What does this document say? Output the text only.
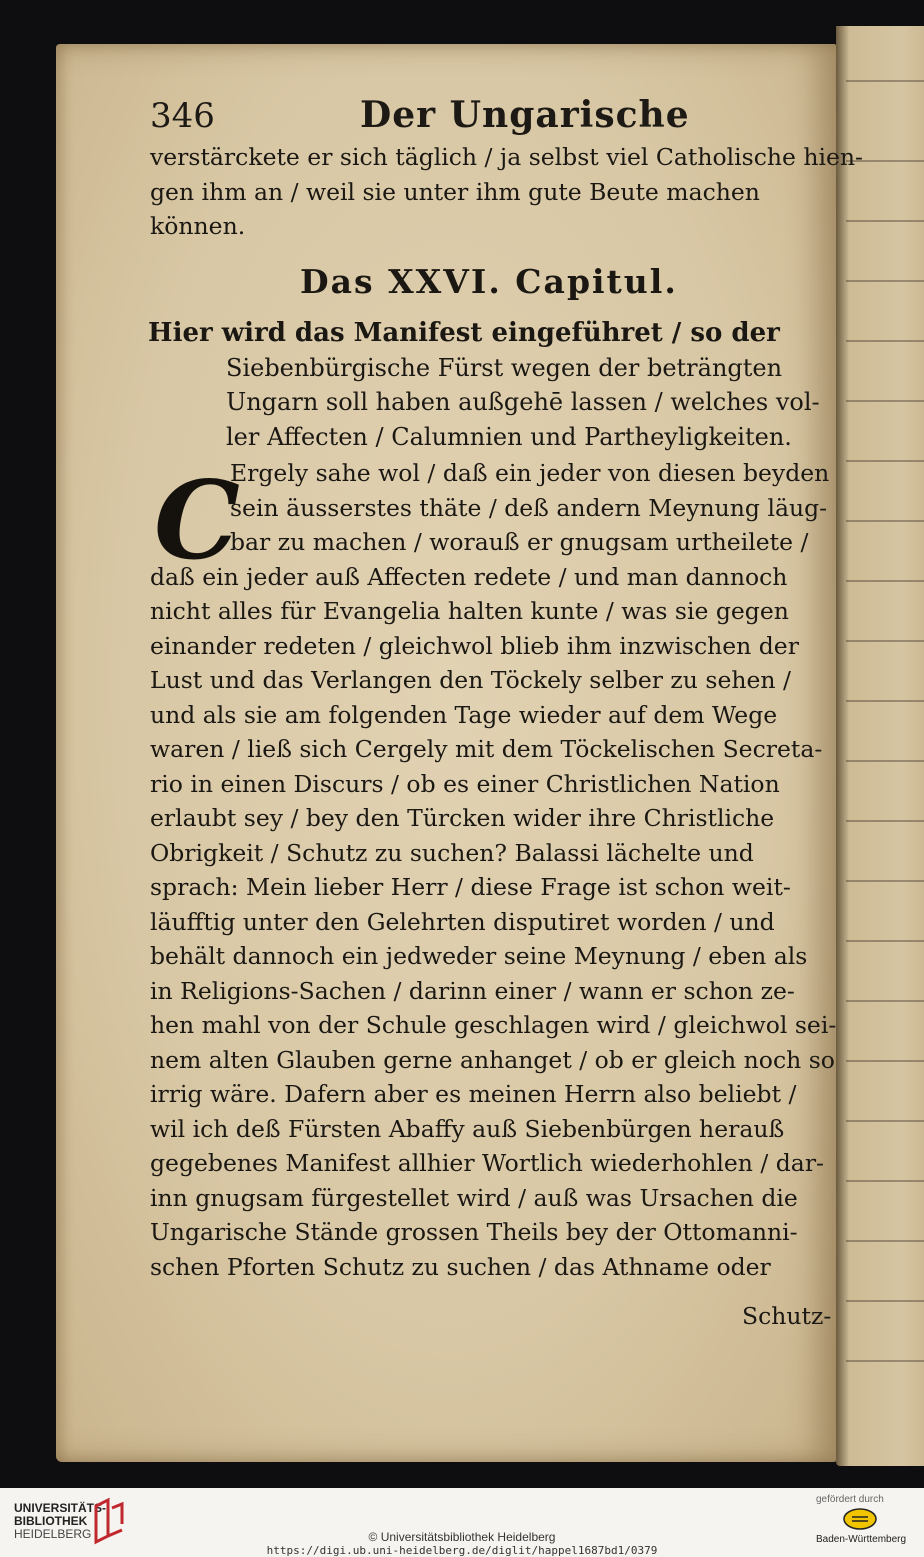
346	Der Ungarische
verstärckete er sich täglich / ja selbst viel Catholische hien-
gen ihm an / weil sie unter ihm gute Beute machen
können.
Das XXVI. Capitul.
Hier wird das Manifest eingeführet / so der
Siebenbürgische Fürst wegen der beträngten
Ungarn soll haben außgehē lassen / welches vol-
ler Affecten / Calumnien und Partheyligkeiten.
C
Ergely sahe wol / daß ein jeder von diesen beyden
sein äusserstes thäte / deß andern Meynung läug-
bar zu machen / worauß er gnugsam urtheilete /
daß ein jeder auß Affecten redete / und man dannoch
nicht alles für Evangelia halten kunte / was sie gegen
einander redeten / gleichwol blieb ihm inzwischen der
Lust und das Verlangen den Töckely selber zu sehen /
und als sie am folgenden Tage wieder auf dem Wege
waren / ließ sich Cergely mit dem Töckelischen Secreta-
rio in einen Discurs / ob es einer Christlichen Nation
erlaubt sey / bey den Türcken wider ihre Christliche
Obrigkeit / Schutz zu suchen? Balassi lächelte und
sprach: Mein lieber Herr / diese Frage ist schon weit-
läufftig unter den Gelehrten disputiret worden / und
behält dannoch ein jedweder seine Meynung / eben als
in Religions-Sachen / darinn einer / wann er schon ze-
hen mahl von der Schule geschlagen wird / gleichwol sei-
nem alten Glauben gerne anhanget / ob er gleich noch so
irrig wäre. Dafern aber es meinen Herrn also beliebt /
wil ich deß Fürsten Abaffy auß Siebenbürgen herauß
gegebenes Manifest allhier Wortlich wiederhohlen / dar-
inn gnugsam fürgestellet wird / auß was Ursachen die
Ungarische Stände grossen Theils bey der Ottomanni-
schen Pforten Schutz zu suchen / das Athname oder
Schutz-
UNIVERSITÄTS-
BIBLIOTHEK
HEIDELBERG	© Universitätsbibliothek Heidelberg
https://digi.ub.uni-heidelberg.de/diglit/happel1687bd1/0379
gefördert durch
Baden-Württemberg
